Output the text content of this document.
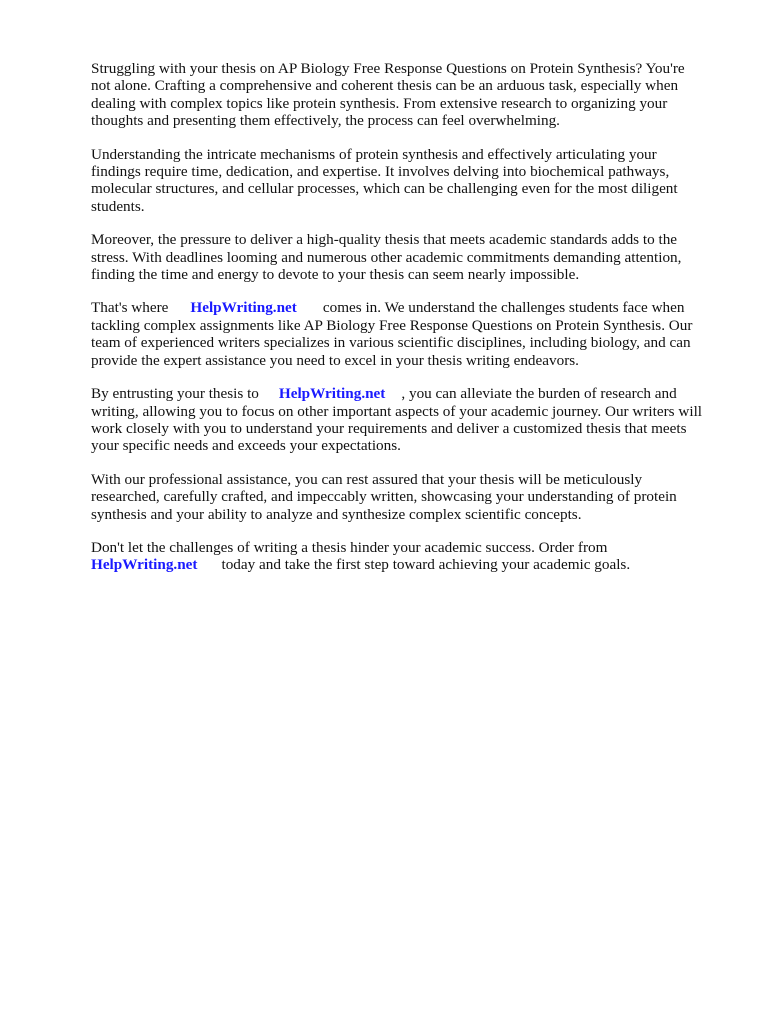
Struggling with your thesis on AP Biology Free Response Questions on Protein Synthesis? You're
not alone. Crafting a comprehensive and coherent thesis can be an arduous task, especially when
dealing with complex topics like protein synthesis. From extensive research to organizing your
thoughts and presenting them effectively, the process can feel overwhelming.

Understanding the intricate mechanisms of protein synthesis and effectively articulating your
findings require time, dedication, and expertise. It involves delving into biochemical pathways,
molecular structures, and cellular processes, which can be challenging even for the most diligent
students.

Moreover, the pressure to deliver a high-quality thesis that meets academic standards adds to the
stress. With deadlines looming and numerous other academic commitments demanding attention,
finding the time and energy to devote to your thesis can seem nearly impossible.

That's where HelpWriting.net comes in. We understand the challenges students face when
tackling complex assignments like AP Biology Free Response Questions on Protein Synthesis. Our
team of experienced writers specializes in various scientific disciplines, including biology, and can
provide the expert assistance you need to excel in your thesis writing endeavors.

By entrusting your thesis to HelpWriting.net , you can alleviate the burden of research and
writing, allowing you to focus on other important aspects of your academic journey. Our writers will
work closely with you to understand your requirements and deliver a customized thesis that meets
your specific needs and exceeds your expectations.

With our professional assistance, you can rest assured that your thesis will be meticulously
researched, carefully crafted, and impeccably written, showcasing your understanding of protein
synthesis and your ability to analyze and synthesize complex scientific concepts.

Don't let the challenges of writing a thesis hinder your academic success. Order from
HelpWriting.net today and take the first step toward achieving your academic goals.
